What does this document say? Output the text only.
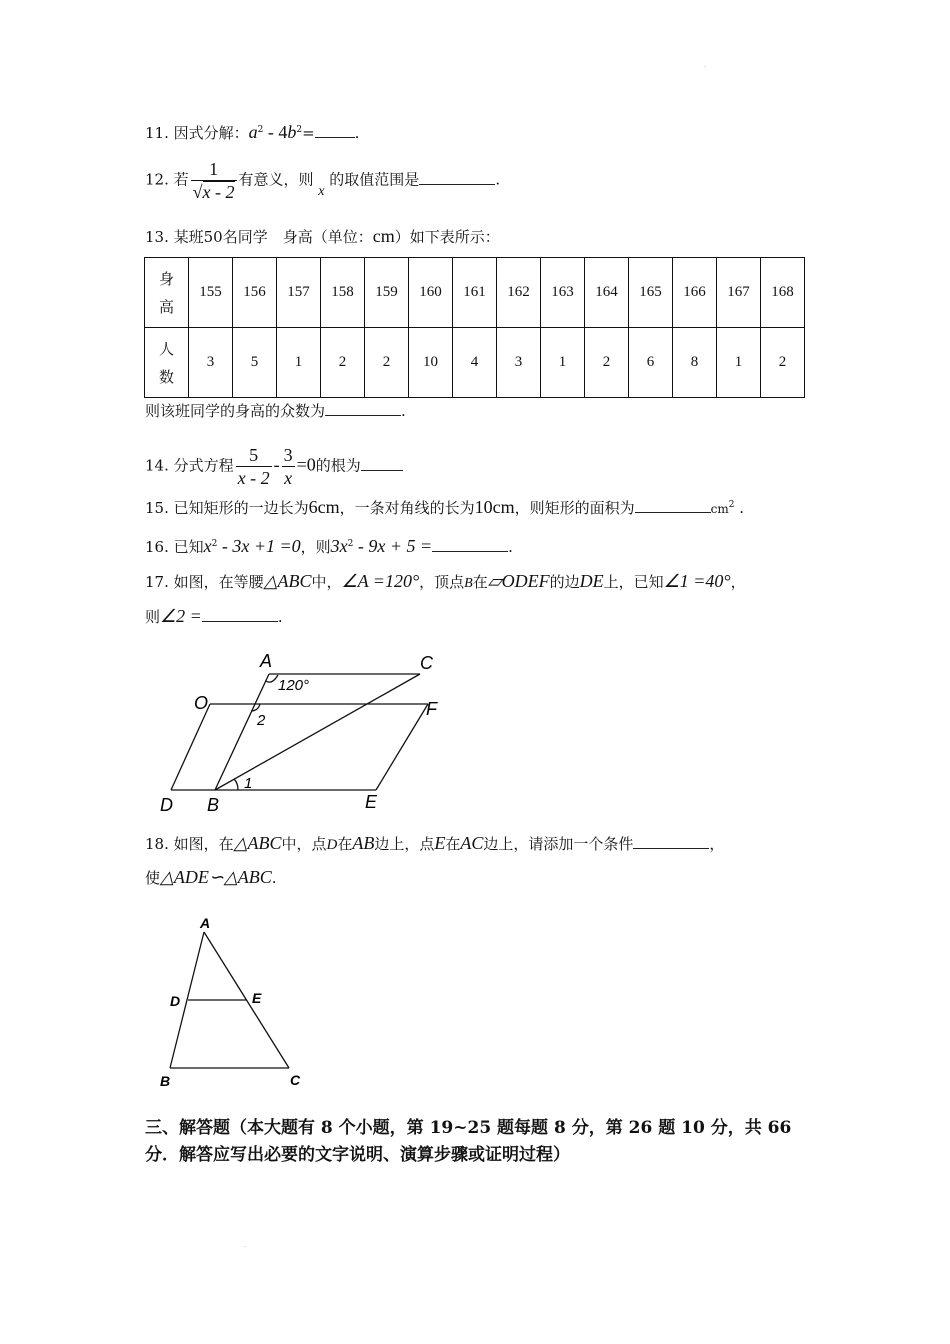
·
11. 因式分解：$a^2 - 4b^2=$	.
12. 若 $\frac{1}{√x - 2}$ 有意义，则 x 的取值范围是	.
13. 某班50名同学　身高（单位：cm）如下表所示：
身
高	155	156	157	158	159	160	161	162	163	164	165	166	167	168
人
数	3	5	1	2	2	10	4	3	1	2	6	8	1	2
则该班同学的身高的众数为	.
14. 分式方程 $\frac{5}{x - 2} - \frac{3}{x} =0$的根为
15. 已知矩形的一边长为6cm，一条对角线的长为10cm，则矩形的面积为	$cm^2$ .
16. 已知$x^2 - 3x +1 =0$，则$3x^2 - 9x + 5$ =	.
17. 如图，在等腰△ABC中，∠A =120°，顶点B在▱ODEF的边DE上，已知∠1 =40°，
则∠2 =	.
A	C
O	F
D B	E
120°
2
1
18. 如图，在△ABC中，点D在AB边上，点E在AC边上，请添加一个条件	，
使△ADE∽△ABC.
A
D	E
B	C
三、解答题（本大题有 8 个小题，第 19~25 题每题 8 分，第 26 题 10 分，共 66
分．解答应写出必要的文字说明、演算步骤或证明过程）
·
